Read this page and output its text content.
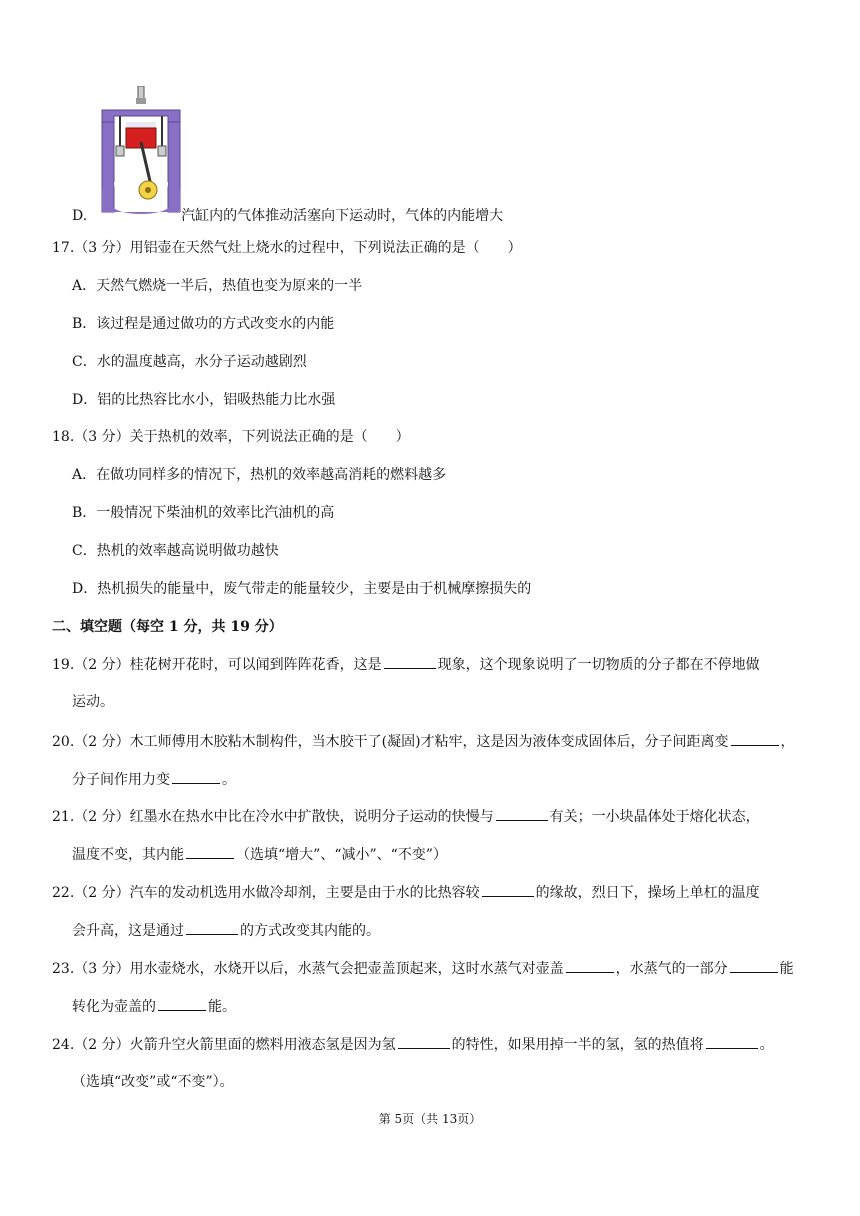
D.	汽缸内的气体推动活塞向下运动时，气体的内能增大
17.（3 分）用铝壶在天然气灶上烧水的过程中，下列说法正确的是（　　）
A．天然气燃烧一半后，热值也变为原来的一半
B．该过程是通过做功的方式改变水的内能
C．水的温度越高，水分子运动越剧烈
D．铝的比热容比水小，铝吸热能力比水强
18.（3 分）关于热机的效率，下列说法正确的是（　　）
A．在做功同样多的情况下，热机的效率越高消耗的燃料越多
B．一般情况下柴油机的效率比汽油机的高
C．热机的效率越高说明做功越快
D．热机损失的能量中，废气带走的能量较少，主要是由于机械摩擦损失的
二、填空题（每空 1 分，共 19 分）
19.（2 分）桂花树开花时，可以闻到阵阵花香，这是	现象，这个现象说明了一切物质的分子都在不停地做
运动。
20.（2 分）木工师傅用木胶粘木制构件，当木胶干了(凝固)才粘牢，这是因为液体变成固体后，分子间距离变	，
分子间作用力变	。
21.（2 分）红墨水在热水中比在冷水中扩散快，说明分子运动的快慢与	有关；一小块晶体处于熔化状态，
温度不变，其内能	（选填“增大”、“减小”、“不变”）
22.（2 分）汽车的发动机选用水做冷却剂，主要是由于水的比热容较	的缘故，烈日下，操场上单杠的温度
会升高，这是通过	的方式改变其内能的。
23.（3 分）用水壶烧水，水烧开以后，水蒸气会把壶盖顶起来，这时水蒸气对壶盖	，水蒸气的一部分	能
转化为壶盖的	能。
24.（2 分）火箭升空火箭里面的燃料用液态氢是因为氢	的特性，如果用掉一半的氢，氢的热值将	。
（选填“改变”或“不变”）。
第 5页（共 13页）
